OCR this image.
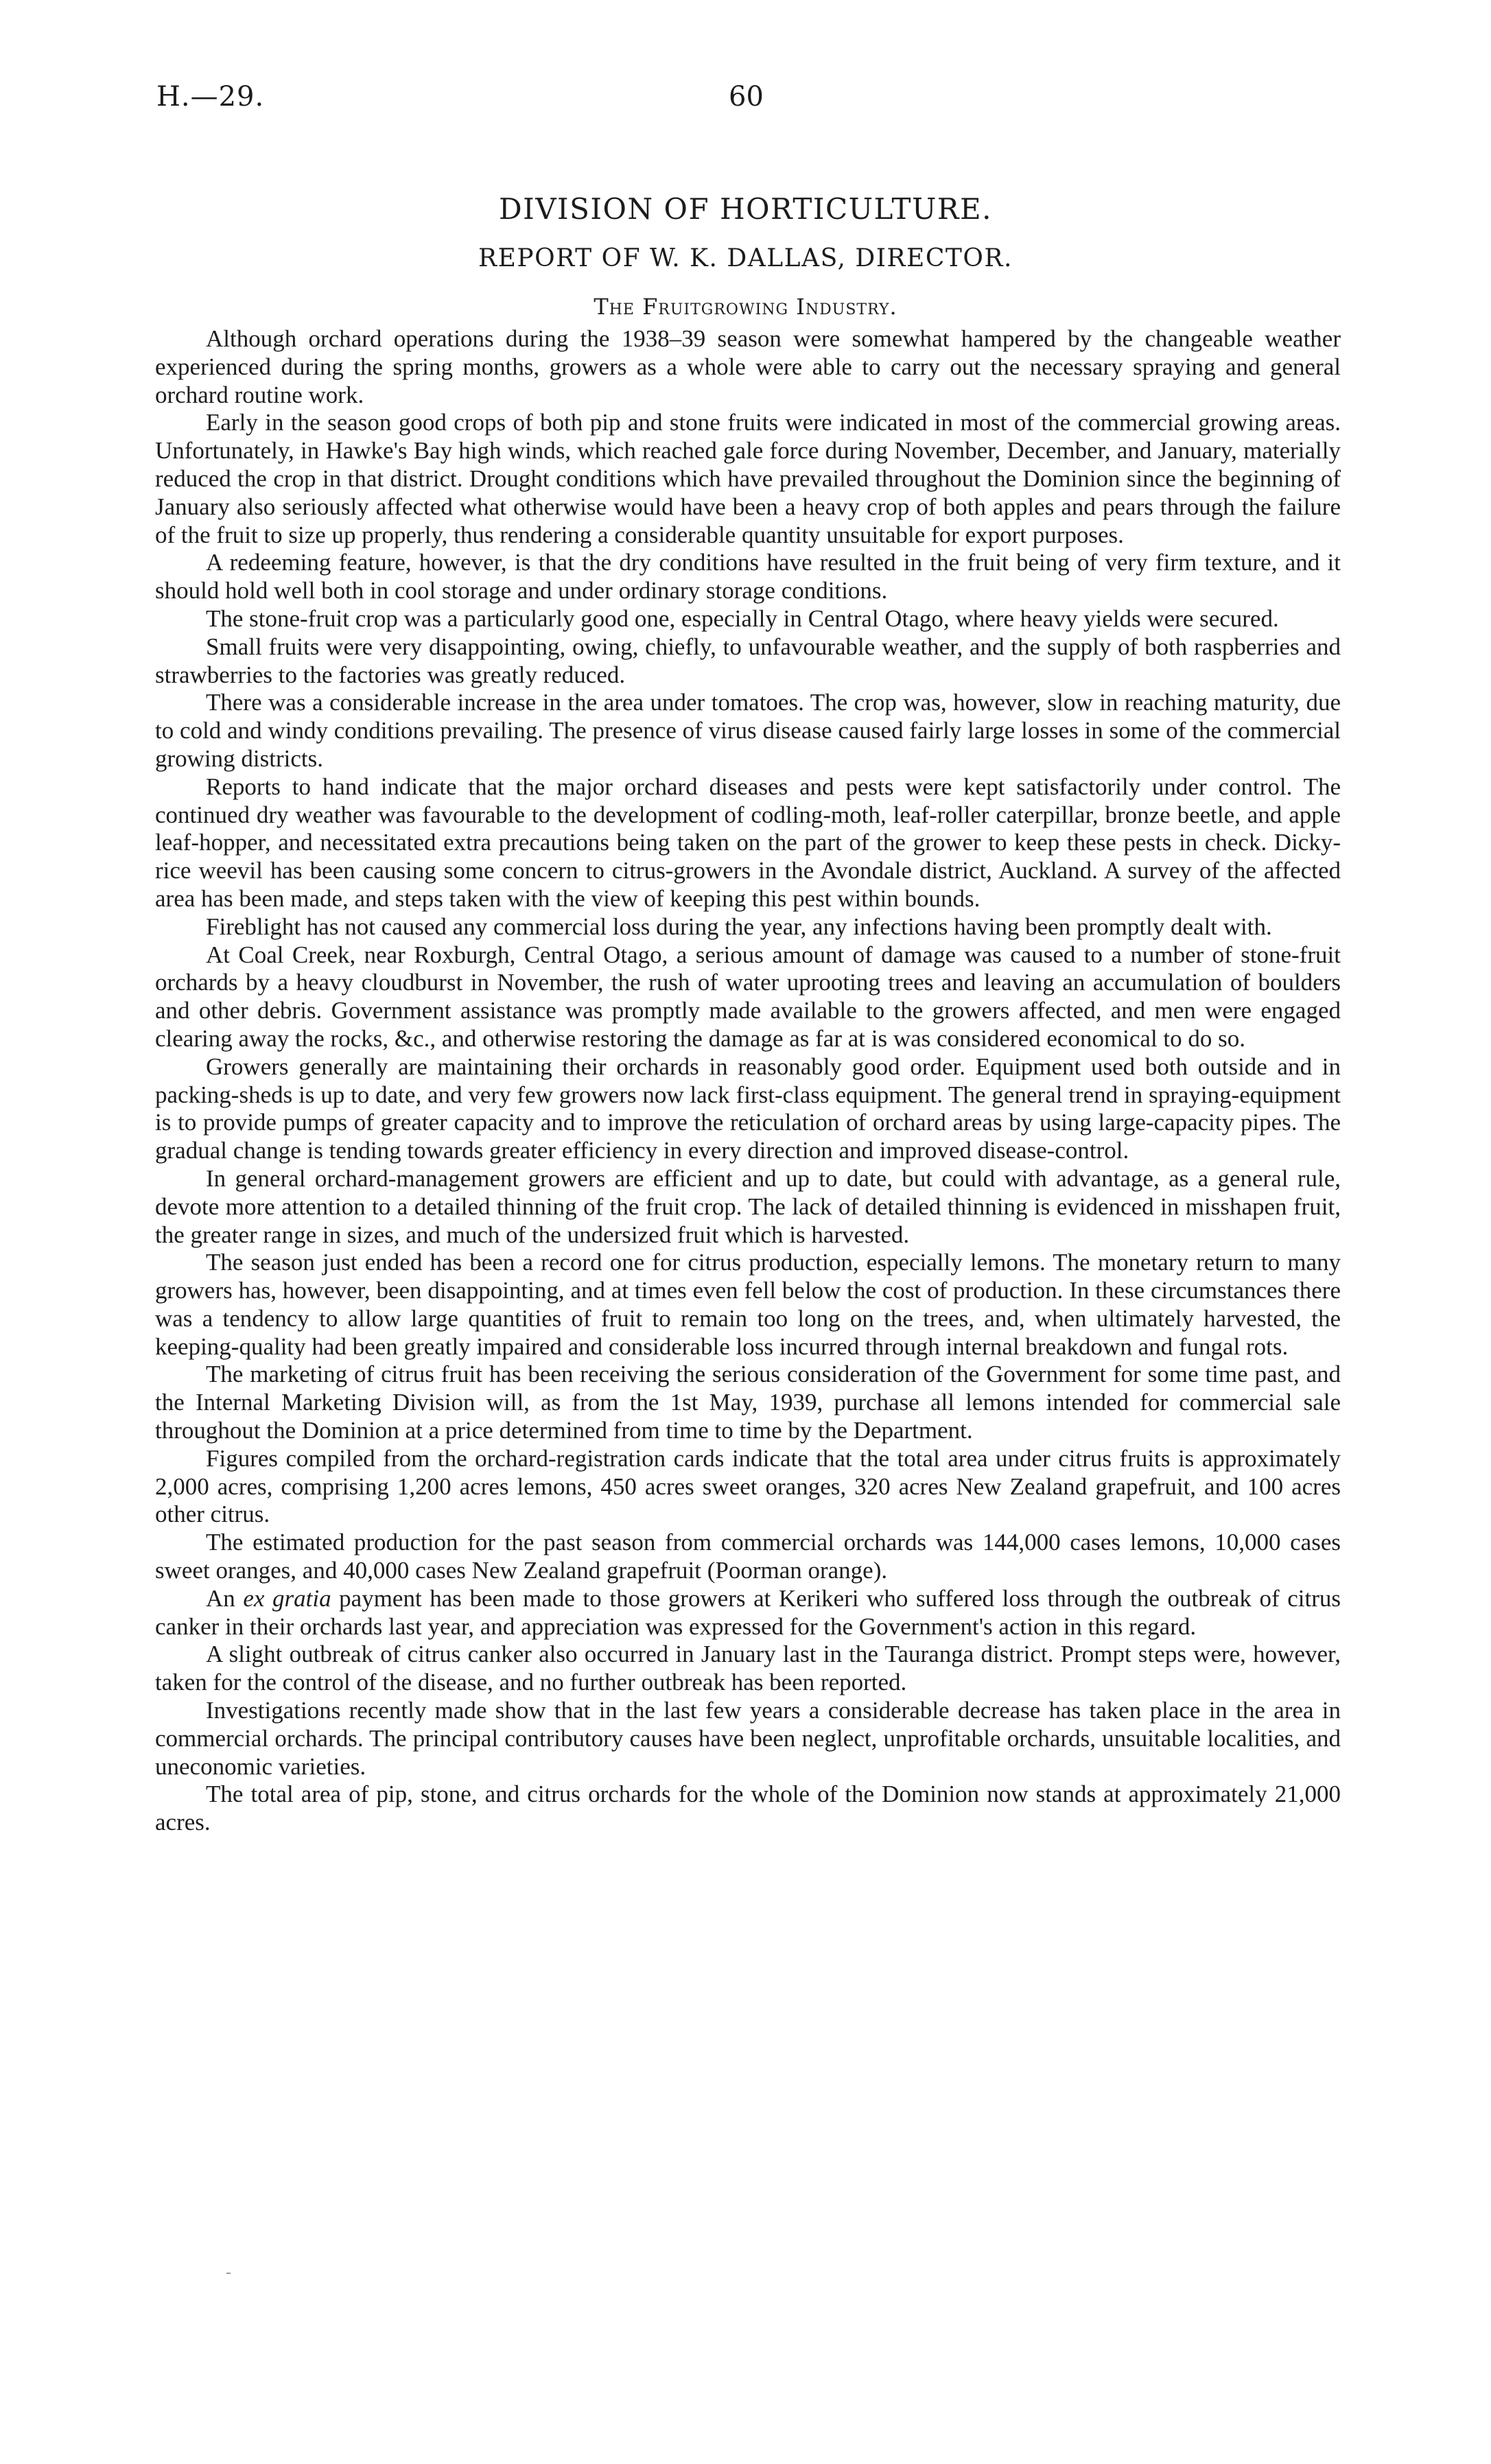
H.—29.	60
DIVISION OF HORTICULTURE.
REPORT OF W. K. DALLAS, DIRECTOR.
The Fruitgrowing Industry.

Although orchard operations during the 1938–39 season were somewhat hampered by the changeable weather experienced during the spring months, growers as a whole were able to carry out the necessary spraying and general orchard routine work.

Early in the season good crops of both pip and stone fruits were indicated in most of the commercial growing areas. Unfortunately, in Hawke's Bay high winds, which reached gale force during November, December, and January, materially reduced the crop in that district. Drought conditions which have prevailed throughout the Dominion since the beginning of January also seriously affected what otherwise would have been a heavy crop of both apples and pears through the failure of the fruit to size up properly, thus rendering a considerable quantity unsuitable for export purposes.

A redeeming feature, however, is that the dry conditions have resulted in the fruit being of very firm texture, and it should hold well both in cool storage and under ordinary storage conditions.

The stone-fruit crop was a particularly good one, especially in Central Otago, where heavy yields were secured.

Small fruits were very disappointing, owing, chiefly, to unfavourable weather, and the supply of both raspberries and strawberries to the factories was greatly reduced.

There was a considerable increase in the area under tomatoes. The crop was, however, slow in reaching maturity, due to cold and windy conditions prevailing. The presence of virus disease caused fairly large losses in some of the commercial growing districts.

Reports to hand indicate that the major orchard diseases and pests were kept satisfactorily under control. The continued dry weather was favourable to the development of codling-moth, leaf-roller caterpillar, bronze beetle, and apple leaf-hopper, and necessitated extra precautions being taken on the part of the grower to keep these pests in check. Dicky-rice weevil has been causing some concern to citrus-growers in the Avondale district, Auckland. A survey of the affected area has been made, and steps taken with the view of keeping this pest within bounds.

Fireblight has not caused any commercial loss during the year, any infections having been promptly dealt with.

At Coal Creek, near Roxburgh, Central Otago, a serious amount of damage was caused to a number of stone-fruit orchards by a heavy cloudburst in November, the rush of water uprooting trees and leaving an accumulation of boulders and other debris. Government assistance was promptly made available to the growers affected, and men were engaged clearing away the rocks, &c., and otherwise restoring the damage as far at is was considered economical to do so.

Growers generally are maintaining their orchards in reasonably good order. Equipment used both outside and in packing-sheds is up to date, and very few growers now lack first-class equipment. The general trend in spraying-equipment is to provide pumps of greater capacity and to improve the reticulation of orchard areas by using large-capacity pipes. The gradual change is tending towards greater efficiency in every direction and improved disease-control.

In general orchard-management growers are efficient and up to date, but could with advantage, as a general rule, devote more attention to a detailed thinning of the fruit crop. The lack of detailed thinning is evidenced in misshapen fruit, the greater range in sizes, and much of the undersized fruit which is harvested.

The season just ended has been a record one for citrus production, especially lemons. The monetary return to many growers has, however, been disappointing, and at times even fell below the cost of production. In these circumstances there was a tendency to allow large quantities of fruit to remain too long on the trees, and, when ultimately harvested, the keeping-quality had been greatly impaired and considerable loss incurred through internal breakdown and fungal rots.

The marketing of citrus fruit has been receiving the serious consideration of the Government for some time past, and the Internal Marketing Division will, as from the 1st May, 1939, purchase all lemons intended for commercial sale throughout the Dominion at a price determined from time to time by the Department.

Figures compiled from the orchard-registration cards indicate that the total area under citrus fruits is approximately 2,000 acres, comprising 1,200 acres lemons, 450 acres sweet oranges, 320 acres New Zealand grapefruit, and 100 acres other citrus.

The estimated production for the past season from commercial orchards was 144,000 cases lemons, 10,000 cases sweet oranges, and 40,000 cases New Zealand grapefruit (Poorman orange).

An ex gratia payment has been made to those growers at Kerikeri who suffered loss through the outbreak of citrus canker in their orchards last year, and appreciation was expressed for the Government's action in this regard.

A slight outbreak of citrus canker also occurred in January last in the Tauranga district. Prompt steps were, however, taken for the control of the disease, and no further outbreak has been reported.

Investigations recently made show that in the last few years a considerable decrease has taken place in the area in commercial orchards. The principal contributory causes have been neglect, unprofitable orchards, unsuitable localities, and uneconomic varieties.

The total area of pip, stone, and citrus orchards for the whole of the Dominion now stands at approximately 21,000 acres.
